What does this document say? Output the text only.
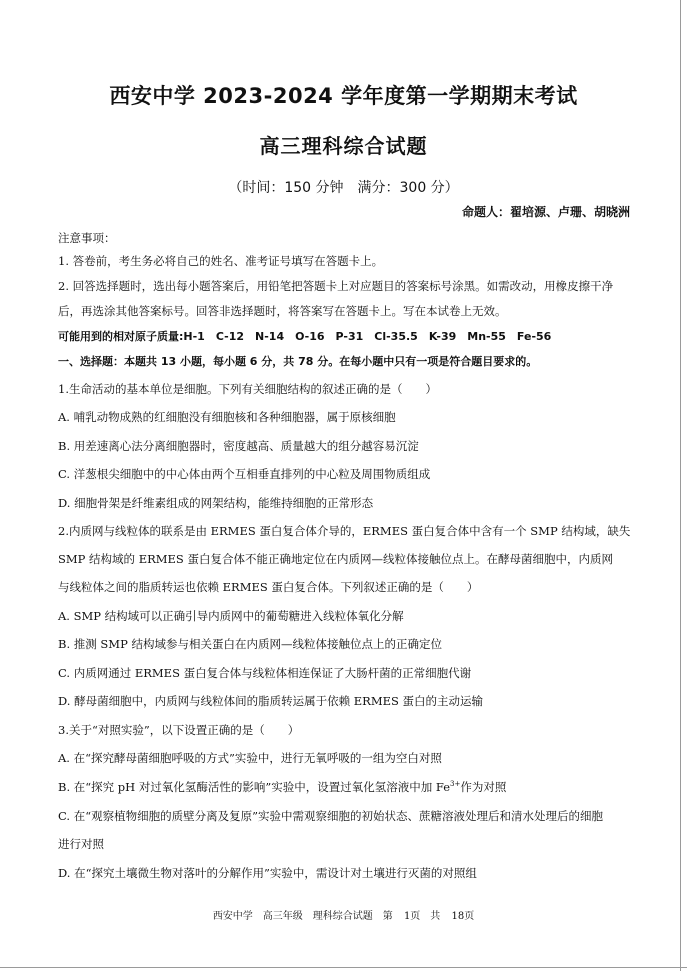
西安中学 2023-2024 学年度第一学期期末考试
高三理科综合试题
（时间：150 分钟　满分：300 分）
命题人：翟培源、卢珊、胡晓洲
注意事项：
1. 答卷前，考生务必将自己的姓名、准考证号填写在答题卡上。
2. 回答选择题时，选出每小题答案后，用铅笔把答题卡上对应题目的答案标号涂黑。如需改动，用橡皮擦干净
后，再选涂其他答案标号。回答非选择题时，将答案写在答题卡上。写在本试卷上无效。
可能用到的相对原子质量:H-1　C-12　N-14　O-16　P-31　Cl-35.5　K-39　Mn-55　Fe-56
一、选择题：本题共 13 小题，每小题 6 分，共 78 分。在每小题中只有一项是符合题目要求的。
1.生命活动的基本单位是细胞。下列有关细胞结构的叙述正确的是（　　）
A. 哺乳动物成熟的红细胞没有细胞核和各种细胞器，属于原核细胞
B. 用差速离心法分离细胞器时，密度越高、质量越大的组分越容易沉淀
C. 洋葱根尖细胞中的中心体由两个互相垂直排列的中心粒及周围物质组成
D. 细胞骨架是纤维素组成的网架结构，能维持细胞的正常形态
2.内质网与线粒体的联系是由 ERMES 蛋白复合体介导的，ERMES 蛋白复合体中含有一个 SMP 结构域，缺失
SMP 结构域的 ERMES 蛋白复合体不能正确地定位在内质网—线粒体接触位点上。在酵母菌细胞中，内质网
与线粒体之间的脂质转运也依赖 ERMES 蛋白复合体。下列叙述正确的是（　　）
A. SMP 结构域可以正确引导内质网中的葡萄糖进入线粒体氧化分解
B. 推测 SMP 结构域参与相关蛋白在内质网—线粒体接触位点上的正确定位
C. 内质网通过 ERMES 蛋白复合体与线粒体相连保证了大肠杆菌的正常细胞代谢
D. 酵母菌细胞中，内质网与线粒体间的脂质转运属于依赖 ERMES 蛋白的主动运输
3.关于“对照实验”，以下设置正确的是（　　）
A. 在“探究酵母菌细胞呼吸的方式”实验中，进行无氧呼吸的一组为空白对照
B. 在“探究 pH 对过氧化氢酶活性的影响”实验中，设置过氧化氢溶液中加 $Fe^{3+}$作为对照
C. 在“观察植物细胞的质壁分离及复原”实验中需观察细胞的初始状态、蔗糖溶液处理后和清水处理后的细胞
进行对照
D. 在“探究土壤微生物对落叶的分解作用”实验中，需设计对土壤进行灭菌的对照组
西安中学　高三年级　理科综合试题　第 1页　共 18页
